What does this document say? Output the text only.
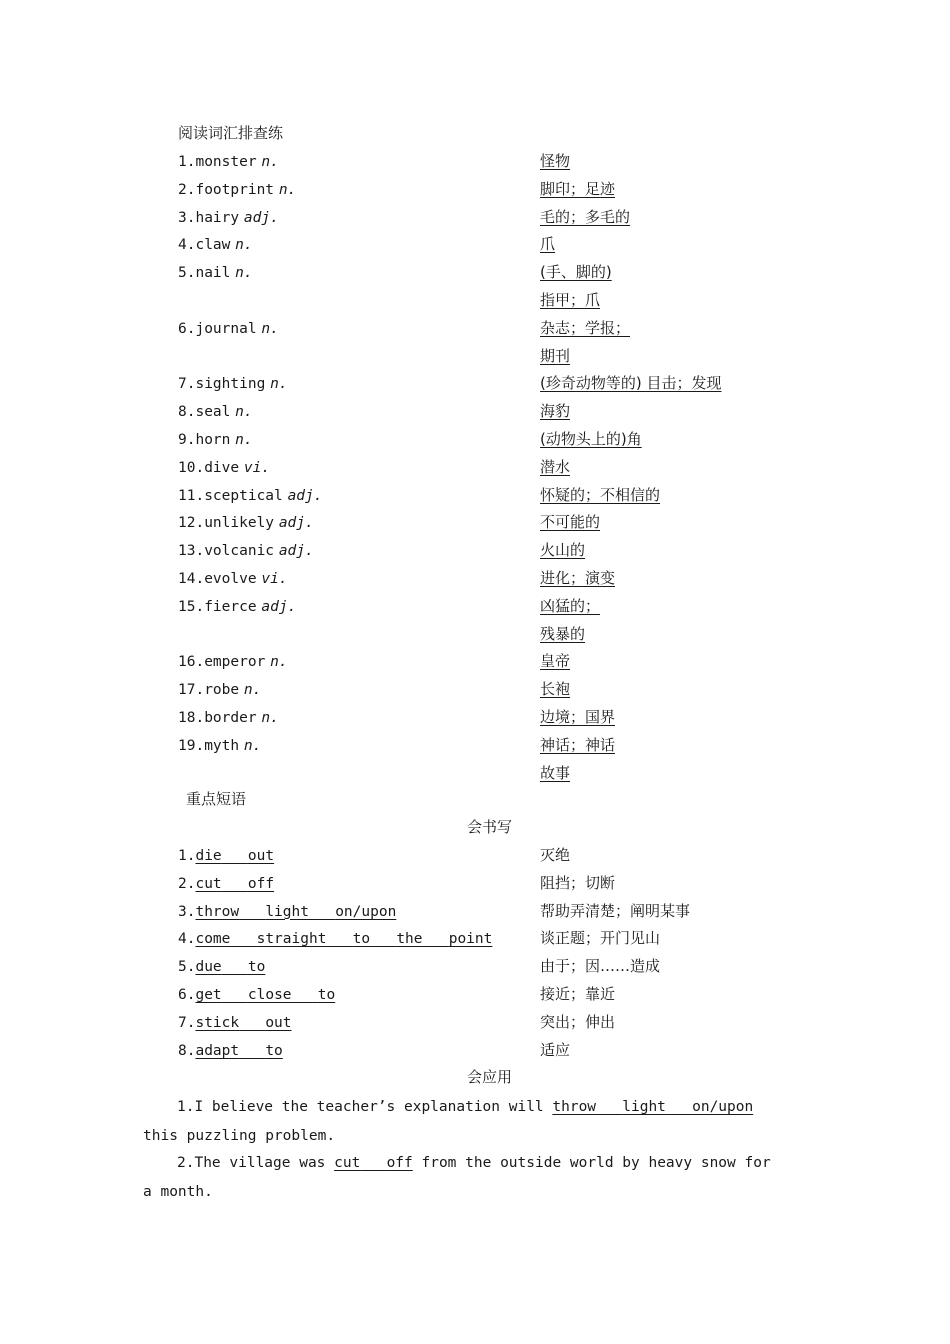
阅读词汇排查练
1.monster n.	怪物
2.footprint n.	脚印；足迹
3.hairy adj.	毛的；多毛的
4.claw n.	爪
5.nail n.	(手、脚的)
指甲；爪
6.journal n.	杂志；学报；
期刊
7.sighting n.	(珍奇动物等的) 目击；发现
8.seal n.	海豹
9.horn n.	(动物头上的)角
10.dive vi.	潜水
11.sceptical adj.	怀疑的；不相信的
12.unlikely adj.	不可能的
13.volcanic adj.	火山的
14.evolve vi.	进化；演变
15.fierce adj.	凶猛的；
残暴的
16.emperor n.	皇帝
17.robe n.	长袍
18.border n.	边境；国界
19.myth n.	神话；神话
故事
重点短语
会书写
1.die out	灭绝
2.cut off	阻挡；切断
3.throw light on/upon	帮助弄清楚；阐明某事
4.come straight to the point	谈正题；开门见山
5.due to	由于；因……造成
6.get close to	接近；靠近
7.stick out	突出；伸出
8.adapt to	适应
会应用
1.I believe the teacher’s explanation will throw light on/upon this puzzling problem.
2.The village was cut off from the outside world by heavy snow for a month.
